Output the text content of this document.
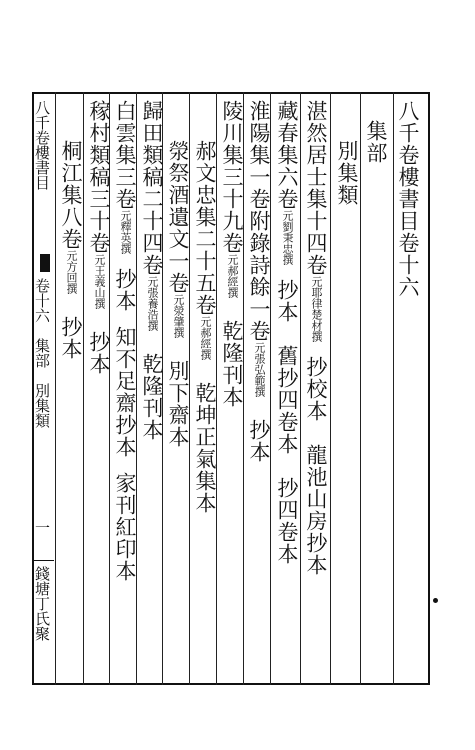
八千卷樓書目
卷十六　集部　別集類
一
錢塘丁氏聚
八千卷樓書目卷十六
集部
別集類
湛然居士集十四卷元耶律楚材撰抄校本龍池山房抄本
藏春集六卷元劉秉忠撰抄本舊抄四卷本抄四卷本
淮陽集一卷附錄詩餘一卷元張弘範撰抄本
陵川集三十九卷元郝經撰乾隆刊本
郝文忠集二十五卷元郝經撰乾坤正氣集本
滎祭酒遺文一卷元滎肇撰別下齋本
歸田類稿二十四卷元張養浩撰乾隆刊本
白雲集三卷元釋英撰抄本知不足齋抄本家刊紅印本
稼村類稿三十卷元王義山撰抄本
桐江集八卷元方回撰抄本
